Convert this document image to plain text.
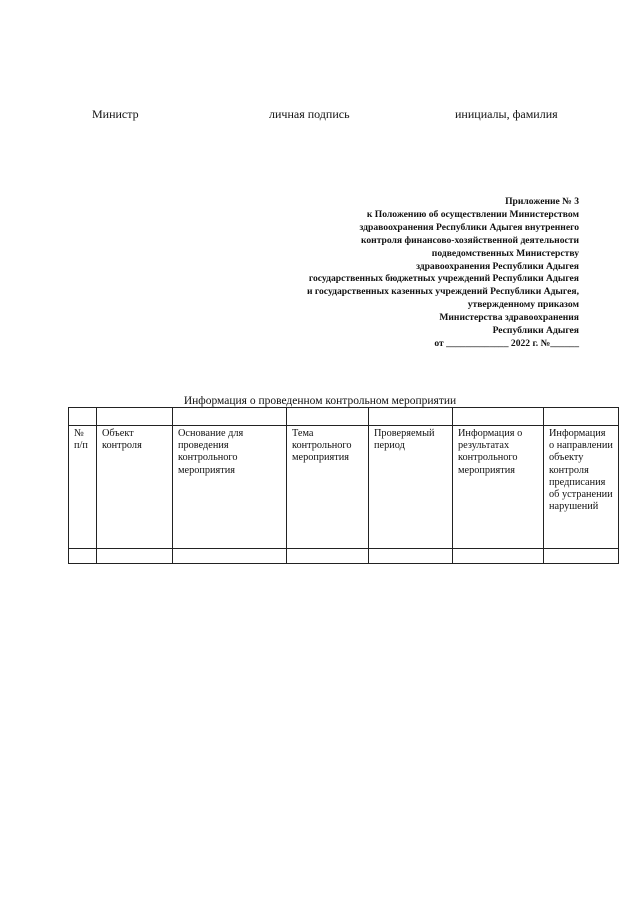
Министр	личная подпись	инициалы, фамилия
Приложение № 3
к Положению об осуществлении Министерством
здравоохранения Республики Адыгея внутреннего
контроля финансово-хозяйственной деятельности
подведомственных Министерству
здравоохранения Республики Адыгея
государственных бюджетных учреждений Республики Адыгея
и государственных казенных учреждений Республики Адыгея,
утвержденному приказом
Министерства здравоохранения
Республики Адыгея
от _____________ 2022 г. №______
Информация о проведенном контрольном мероприятии

№ п/п	Объект контроля	Основание для проведения контрольного мероприятия	Тема контрольного мероприятия	Проверяемый период	Информация о результатах контрольного мероприятия	Информация о направлении объекту контроля предписания об устранении нарушений
